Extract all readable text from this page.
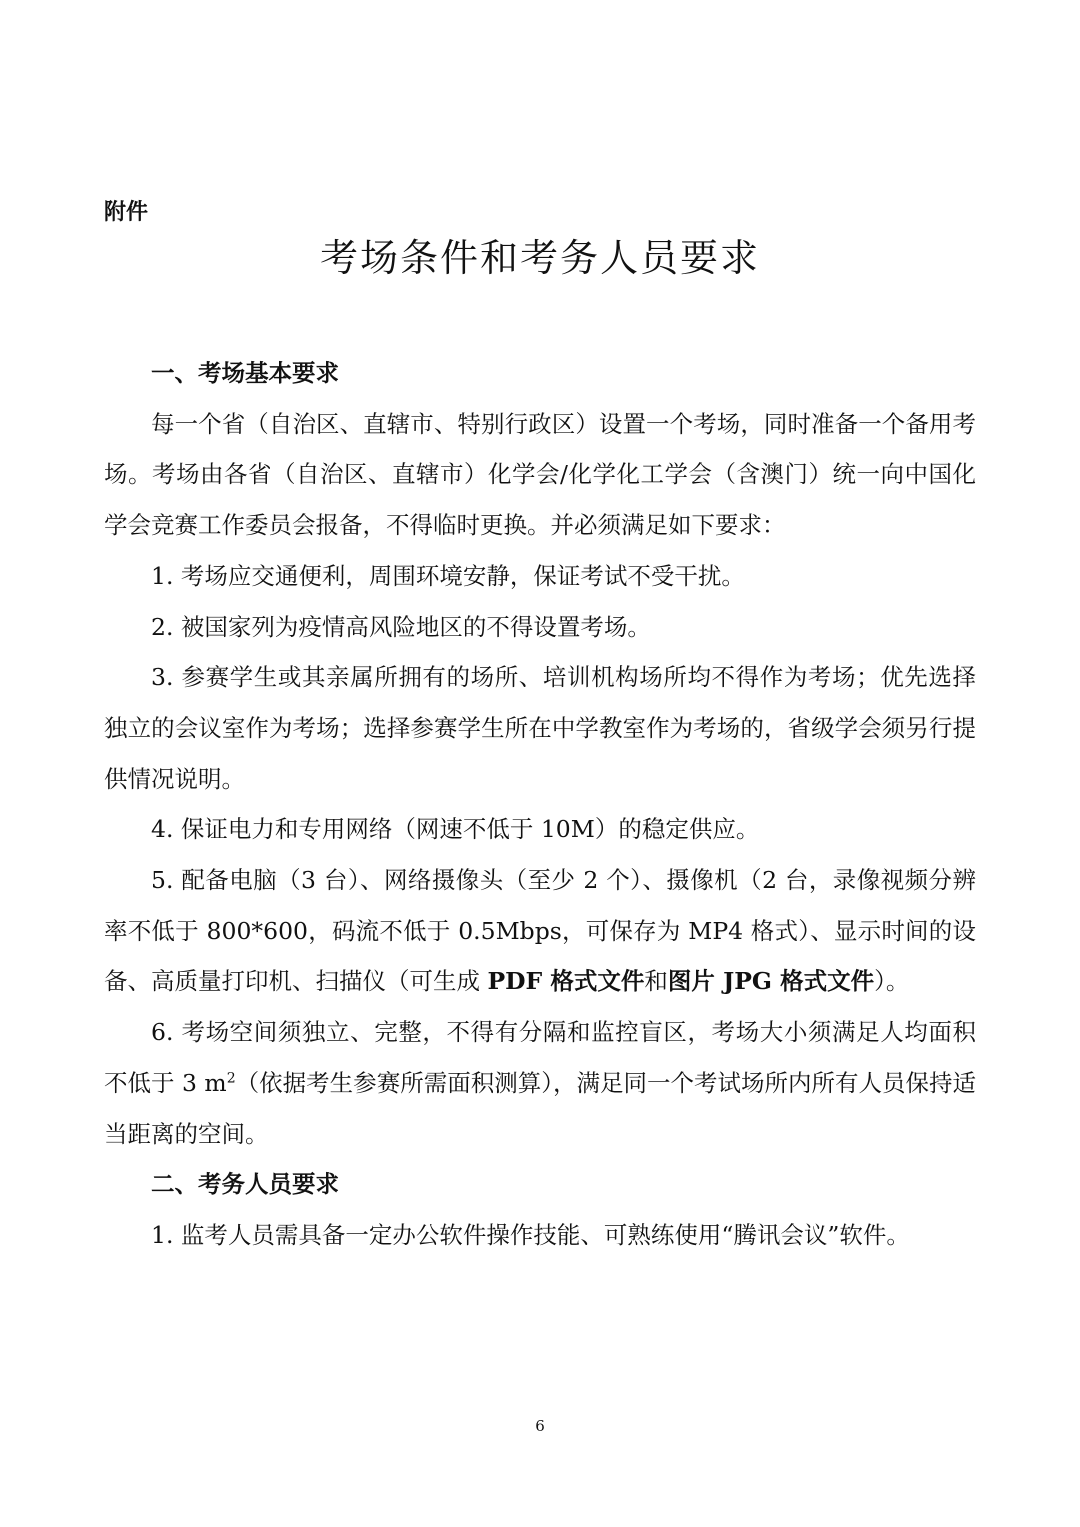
附件
考场条件和考务人员要求

一、考场基本要求

每一个省（自治区、直辖市、特别行政区）设置一个考场，同时准备一个备用考场。考场由各省（自治区、直辖市）化学会/化学化工学会（含澳门）统一向中国化学会竞赛工作委员会报备，不得临时更换。并必须满足如下要求：

1. 考场应交通便利，周围环境安静，保证考试不受干扰。

2. 被国家列为疫情高风险地区的不得设置考场。

3. 参赛学生或其亲属所拥有的场所、培训机构场所均不得作为考场；优先选择独立的会议室作为考场；选择参赛学生所在中学教室作为考场的，省级学会须另行提供情况说明。

4. 保证电力和专用网络（网速不低于 10M）的稳定供应。

5. 配备电脑（3 台）、网络摄像头（至少 2 个）、摄像机（2 台，录像视频分辨率不低于 800*600，码流不低于 0.5Mbps，可保存为 MP4 格式）、显示时间的设备、高质量打印机、扫描仪（可生成 PDF 格式文件和图片 JPG 格式文件）。

6. 考场空间须独立、完整，不得有分隔和监控盲区，考场大小须满足人均面积不低于 3 $m^2$（依据考生参赛所需面积测算），满足同一个考试场所内所有人员保持适当距离的空间。

二、考务人员要求

1. 监考人员需具备一定办公软件操作技能、可熟练使用“腾讯会议”软件。

6
